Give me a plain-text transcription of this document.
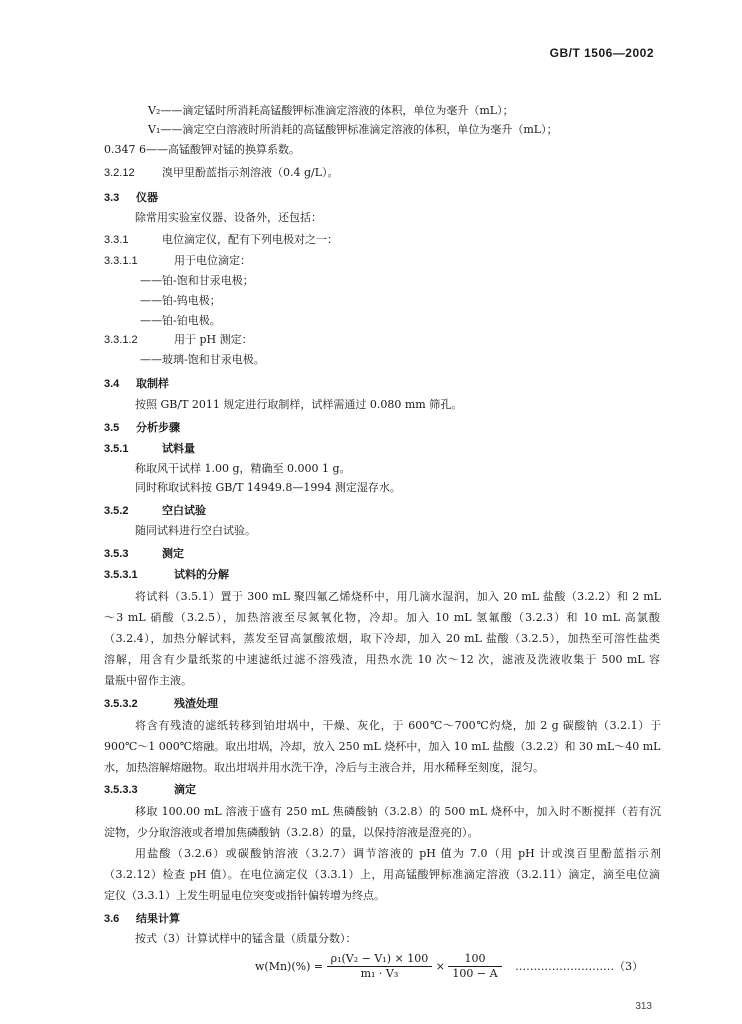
GB/T 1506—2002
V₂——滴定锰时所消耗高锰酸钾标准滴定溶液的体积，单位为毫升（mL）；
V₁——滴定空白溶液时所消耗的高锰酸钾标准滴定溶液的体积，单位为毫升（mL）；
0.347 6——高锰酸钾对锰的换算系数。
3.2.12 溴甲里酚蓝指示剂溶液（0.4 g/L）。
3.3 仪器
除常用实验室仪器、设备外，还包括：
3.3.1	电位滴定仪，配有下列电极对之一：
3.3.1.1	用于电位滴定：
——铂-饱和甘汞电极；
——铂-钨电极；
——铂-铂电极。
3.3.1.2	用于 pH 测定：
——玻璃-饱和甘汞电极。
3.4 取制样
按照 GB/T 2011 规定进行取制样，试样需通过 0.080 mm 筛孔。
3.5 分析步骤
3.5.1	试料量
称取风干试样 1.00 g，精确至 0.000 1 g。
同时称取试料按 GB/T 14949.8—1994 测定湿存水。
3.5.2	空白试验
随同试料进行空白试验。
3.5.3	测定
3.5.3.1	试料的分解
将试料（3.5.1）置于 300 mL 聚四氟乙烯烧杯中，用几滴水湿润，加入 20 mL 盐酸（3.2.2）和 2 mL
～3 mL 硝酸（3.2.5），加热溶液至尽氮氧化物，冷却。加入 10 mL 氢氟酸（3.2.3）和 10 mL 高氯酸
（3.2.4），加热分解试料，蒸发至冒高氯酸浓烟，取下冷却，加入 20 mL 盐酸（3.2.5），加热至可溶性盐类
溶解，用含有少量纸浆的中速滤纸过滤不溶残渣，用热水洗 10 次～12 次，滤液及洗液收集于 500 mL 容
量瓶中留作主液。
3.5.3.2	残渣处理
将含有残渣的滤纸转移到铂坩埚中，干燥、灰化，于 600℃～700℃灼烧，加 2 g 碳酸钠（3.2.1）于
900℃～1 000℃熔融。取出坩埚，冷却，放入 250 mL 烧杯中，加入 10 mL 盐酸（3.2.2）和 30 mL～40 mL
水，加热溶解熔融物。取出坩埚并用水洗干净，冷后与主液合并，用水稀释至刻度，混匀。
3.5.3.3	滴定
移取 100.00 mL 溶液于盛有 250 mL 焦磷酸钠（3.2.8）的 500 mL 烧杯中，加入时不断搅拌（若有沉
淀物，少分取溶液或者增加焦磷酸钠（3.2.8）的量，以保持溶液是澄亮的）。
用盐酸（3.2.6）或碳酸钠溶液（3.2.7）调节溶液的 pH 值为 7.0（用 pH 计或溴百里酚蓝指示剂
（3.2.12）检查 pH 值）。在电位滴定仪（3.3.1）上，用高锰酸钾标准滴定溶液（3.2.11）滴定，滴至电位滴
定仪（3.3.1）上发生明显电位突变或指针偏转增为终点。
3.6 结果计算
按式（3）计算试样中的锰含量（质量分数）：
$w(Mn)(\%) = \frac{\text{ρ₁(V₂ − V₁) × 100}}{\text{m₁ · V₃}} \times \frac{100}{100 - A}$ ………………………（3）
313
